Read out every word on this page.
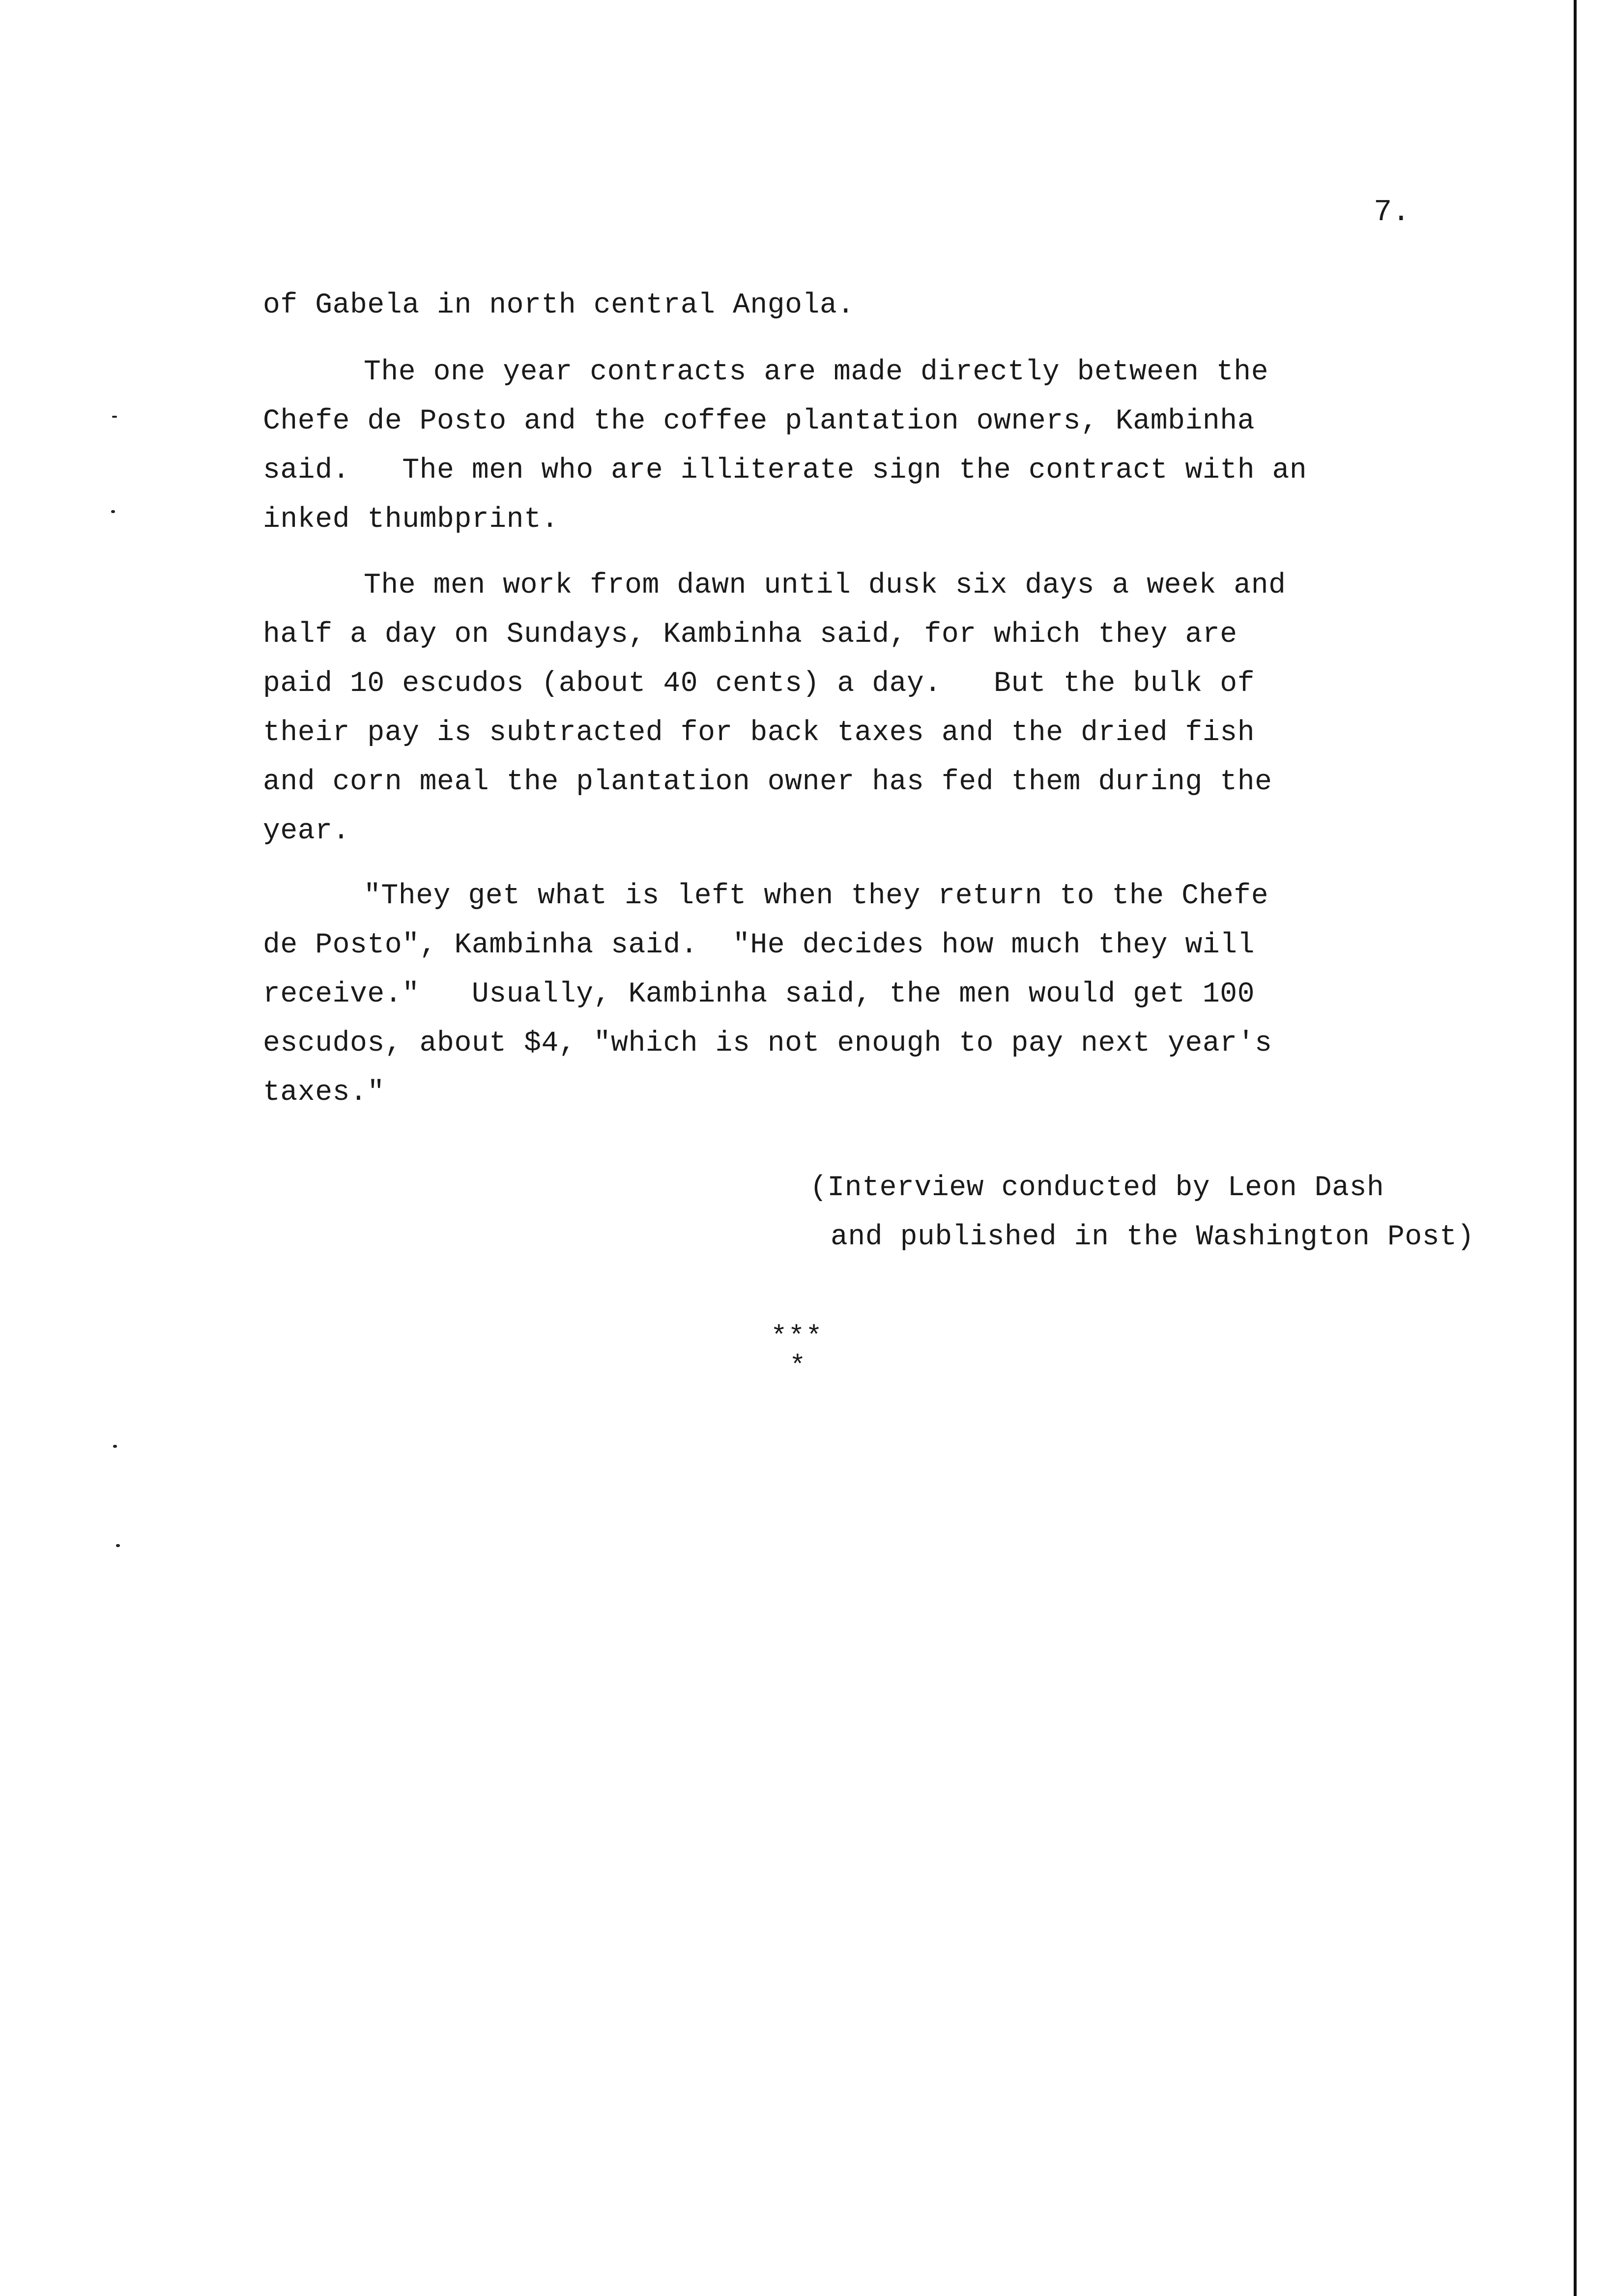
7.
of Gabela in north central Angola.
The one year contracts are made directly between the
Chefe de Posto and the coffee plantation owners, Kambinha
said.   The men who are illiterate sign the contract with an
inked thumbprint.
The men work from dawn until dusk six days a week and
half a day on Sundays, Kambinha said, for which they are
paid 10 escudos (about 40 cents) a day.   But the bulk of
their pay is subtracted for back taxes and the dried fish
and corn meal the plantation owner has fed them during the
year.
"They get what is left when they return to the Chefe
de Posto", Kambinha said.  "He decides how much they will
receive."   Usually, Kambinha said, the men would get 100
escudos, about $4, "which is not enough to pay next year's
taxes."
(Interview conducted by Leon Dash
and published in the Washington Post)
***
*
